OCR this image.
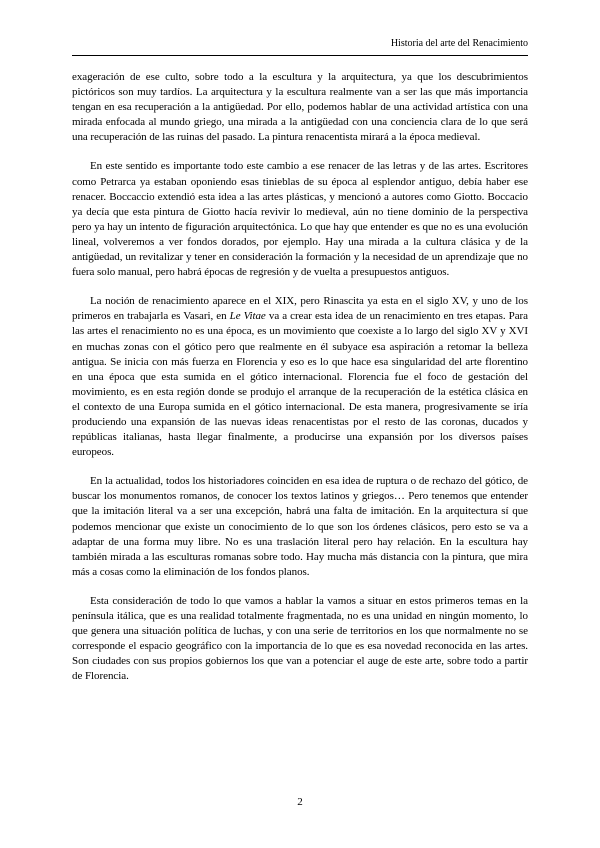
Historia del arte del Renacimiento

exageración de ese culto, sobre todo a la escultura y la arquitectura, ya que los descubrimientos pictóricos son muy tardíos. La arquitectura y la escultura realmente van a ser las que más importancia tengan en esa recuperación a la antigüedad. Por ello, podemos hablar de una actividad artística con una mirada enfocada al mundo griego, una mirada a la antigüedad con una conciencia clara de lo que será una recuperación de las ruinas del pasado. La pintura renacentista mirará a la época medieval.

En este sentido es importante todo este cambio a ese renacer de las letras y de las artes. Escritores como Petrarca ya estaban oponiendo esas tinieblas de su época al esplendor antiguo, debía haber ese renacer. Boccaccio extendió esta idea a las artes plásticas, y mencionó a autores como Giotto. Boccacio ya decía que esta pintura de Giotto hacía revivir lo medieval, aún no tiene dominio de la perspectiva pero ya hay un intento de figuración arquitectónica. Lo que hay que entender es que no es una evolución lineal, volveremos a ver fondos dorados, por ejemplo. Hay una mirada a la cultura clásica y de la antigüedad, un revitalizar y tener en consideración la formación y la necesidad de un aprendizaje que no fuera solo manual, pero habrá épocas de regresión y de vuelta a presupuestos antiguos.

La noción de renacimiento aparece en el XIX, pero Rinascita ya esta en el siglo XV, y uno de los primeros en trabajarla es Vasari, en Le Vitae va a crear esta idea de un renacimiento en tres etapas. Para las artes el renacimiento no es una época, es un movimiento que coexiste a lo largo del siglo XV y XVI en muchas zonas con el gótico pero que realmente en él subyace esa aspiración a retomar la belleza antigua. Se inicia con más fuerza en Florencia y eso es lo que hace esa singularidad del arte florentino en una época que esta sumida en el gótico internacional. Florencia fue el foco de gestación del movimiento, es en esta región donde se produjo el arranque de la recuperación de la estética clásica en el contexto de una Europa sumida en el gótico internacional. De esta manera, progresivamente se iría produciendo una expansión de las nuevas ideas renacentistas por el resto de las coronas, ducados y repúblicas italianas, hasta llegar finalmente, a producirse una expansión por los diversos países europeos.

En la actualidad, todos los historiadores coinciden en esa idea de ruptura o de rechazo del gótico, de buscar los monumentos romanos, de conocer los textos latinos y griegos… Pero tenemos que entender que la imitación literal va a ser una excepción, habrá una falta de imitación. En la arquitectura sí que podemos mencionar que existe un conocimiento de lo que son los órdenes clásicos, pero esto se va a adaptar de una forma muy libre. No es una traslación literal pero hay relación. En la escultura hay también mirada a las esculturas romanas sobre todo. Hay mucha más distancia con la pintura, que mira más a cosas como la eliminación de los fondos planos.

Esta consideración de todo lo que vamos a hablar la vamos a situar en estos primeros temas en la península itálica, que es una realidad totalmente fragmentada, no es una unidad en ningún momento, lo que genera una situación política de luchas, y con una serie de territorios en los que normalmente no se corresponde el espacio geográfico con la importancia de lo que es esa novedad reconocida en las artes. Son ciudades con sus propios gobiernos los que van a potenciar el auge de este arte, sobre todo a partir de Florencia.

2
